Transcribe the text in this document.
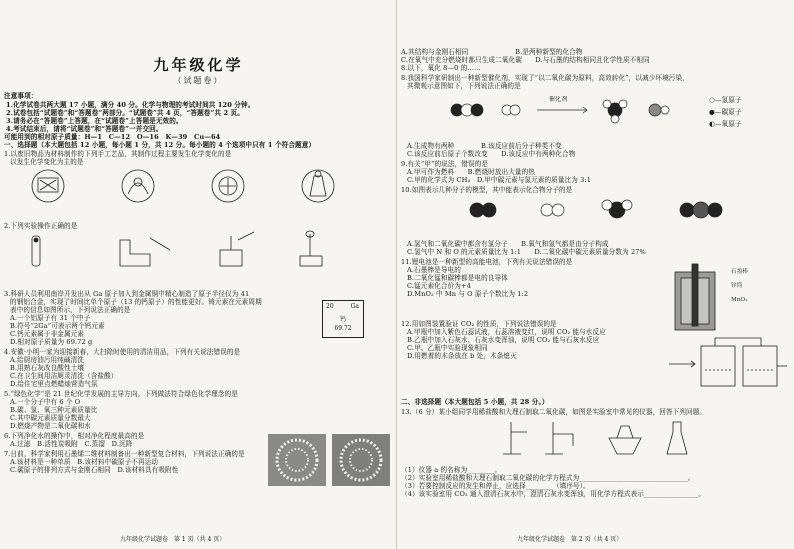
九年级化学
（试题卷）
注意事项：
1.化学试卷共两大题 17 小题，满分 40 分。化学与物理的考试时间共 120 分钟。
2.试卷包括“试题卷”和“答题卷”两部分。“试题卷”共 4 页，“答题卷”共 2 页。
3.请务必在“答题卷”上答题，在“试题卷”上答题是无效的。
4.考试结束后，请将“试题卷”和“答题卷”一并交回。
可能用到的相对原子质量：H—1　C—12　O—16　K—39　Cu—64
一、选择题（本大题包括 12 小题，每小题 1 分，共 12 分。每小题的 4 个选项中只有 1 个符合题意）
1.以废旧物品为材料制作的下列手工艺品，其制作过程主要发生化学变化的是
以发生化学变化为主的是
2.下列实验操作正确的是
3.科研人员利用南岸开发出从 Ga 原子加入到金属铜中精心制造了原子半径仅为 41
的钢铝合金，实现了时间比单个原子（13 的钙原子）的性能更好。铸元素在元素周期
表中的信息如图所示，下列说法正确的是
A.一个铝原子有 31 个中子
B.符号“2Ga”可表示两个钙元素
C.钙元素属于非金属元素
D.相对原子质量为 69.72 g
20	Ga
钙
69.72
4.安徽·小明一家为迎接新春，大扫除时使用的清洁用品，下列有关说法错误的是
A.给厨房油污用纯碱清洗
B.用熟石灰改良酸性土壤
C.在卫生间用洁厕灵清洗（含盐酸）
D.给住宅里点燃蜡烛营造气氛
5.“绿色化学”是 21 世纪化学发展的主导方向。下列做法符合绿色化学理念的是
A.一个分子中有 6 个 O
B.碳、氢、氧三种元素质量比
C.其中碳元素质量分数最大
D.燃烧产物是二氧化碳和水
6.下列净化水的操作中，相对净化程度最高的是
A.过滤　B.活性炭吸附　C.蒸馏　D.沉降
7.日前，科学家利用石墨烯二维材料制备出一种新型复合材料，下列说法正确的是
A.该材料是一种单质　B.该材料中碳原子不再运动
C.碳原子的排列方式与金刚石相同　D.该材料具有吸附性
九年级化学试题卷　第 1 页（共 4 页）
A.其结构与金刚石相同　　　　　　　B.是两种新型的化合物
C.在氧气中充分燃烧时都只生成二氧化碳　　D.与石墨的结构相同且化学性质不相同
8.以下，氧化 8—0 的……
8.我国科学家研制出一种新型催化剂，实现了“以二氧化碳为原料，高效转化”，以减少环境污染，
其微观示意图如下，下列说法正确的是
催化剂	○—氢原子
●—碳原子
◐—氧原子
A.生成物有两种　　　　B.该反应前后分子种类不变
C.该反应前后原子个数改变　　D.该反应中有两种化合物
9.有关“甲”的说法，错误的是
A.甲可作为燃料　　B.燃烧时放出大量的热
C.甲的化学式为 CH₄　D.甲中碳元素与氢元素的质量比为 3:1
10.如图表示几种分子的模型，其中能表示化合物分子的是
A.氢气和二氧化碳中都含有氢分子　　B.氧气和氢气都是由分子构成
C.氢气中 N 和 O 的元素质量比为 1:1　　D.二氧化碳中碳元素质量分数为 27%
11.锂电池是一种新型的高能电池，下列有关说法错误的是
A.石墨棒是导电的
B.二氧化锰和碳棒都是电的良导体
C.锰元素化合价为+4
D.MnO₂ 中 Mn 与 O 原子个数比为 1:2
石墨棒
锌筒
MnO₂
12.用如图装置验证 CO₂ 的性质，下列说法错误的是
A.甲瓶中加入紫色石蕊试液，石蕊溶液变红，说明 CO₂ 能与水反应
B.乙瓶中加入石灰水，石灰水变浑浊，说明 CO₂ 能与石灰水反应
C.甲、乙瓶中实验现象相同
D.用燃着的木条放在 b 处，木条熄灭
二、非选择题（本大题包括 5 小题，共 28 分。）
13.（6 分）某小组同学用稀盐酸和大理石制取二氧化碳，如图是实验室中常见的仪器，回答下列问题。
（1）仪器 a 的名称为________。
（2）实验室用稀盐酸和大理石制取二氧化碳的化学方程式为________________________________。
（3）若要控制反应的发生和停止，应选择________（填序号）。
（4）该实验室用 CO₂ 通入澄清石灰水中，澄清石灰水变浑浊，用化学方程式表示________________。
九年级化学试题卷　第 2 页（共 4 页）
